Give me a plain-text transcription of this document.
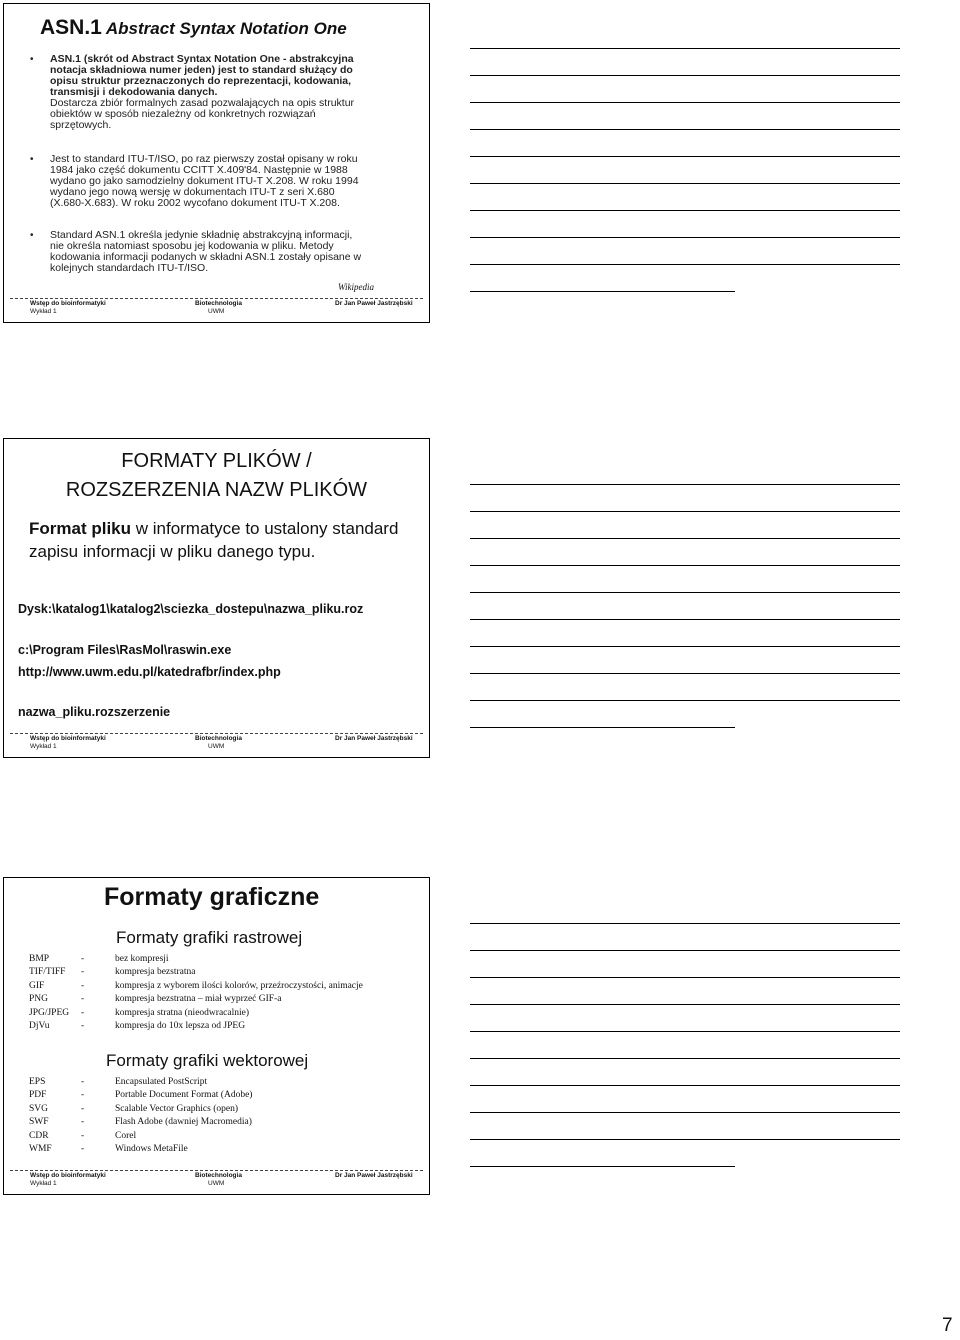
ASN.1 Abstract Syntax Notation One
• ASN.1 (skrót od Abstract Syntax Notation One - abstrakcyjna
notacja składniowa numer jeden) jest to standard służący do
opisu struktur przeznaczonych do reprezentacji, kodowania,
transmisji i dekodowania danych.
Dostarcza zbiór formalnych zasad pozwalających na opis struktur
obiektów w sposób niezależny od konkretnych rozwiązań
sprzętowych.
• Jest to standard ITU-T/ISO, po raz pierwszy został opisany w roku
1984 jako część dokumentu CCITT X.409'84. Następnie w 1988
wydano go jako samodzielny dokument ITU-T X.208. W roku 1994
wydano jego nową wersję w dokumentach ITU-T z seri X.680
(X.680-X.683). W roku 2002 wycofano dokument ITU-T X.208.
• Standard ASN.1 określa jedynie składnię abstrakcyjną informacji,
nie określa natomiast sposobu jej kodowania w pliku. Metody
kodowania informacji podanych w składni ASN.1 zostały opisane w
kolejnych standardach ITU-T/ISO.
Wikipedia
Wstęp do bioinformatyki
Wykład 1
Biotechnologia
UWM
Dr Jan Paweł Jastrzębski
FORMATY PLIKÓW /
ROZSZERZENIA NAZW PLIKÓW
Format pliku w informatyce to ustalony standard zapisu informacji w pliku danego typu.
Dysk:\katalog1\katalog2\sciezka_dostepu\nazwa_pliku.roz
c:\Program Files\RasMol\raswin.exe
http://www.uwm.edu.pl/katedrafbr/index.php
nazwa_pliku.rozszerzenie
Wstęp do bioinformatyki
Wykład 1
Biotechnologia
UWM
Dr Jan Paweł Jastrzębski
Formaty graficzne
Formaty grafiki rastrowej
BMP	-	bez kompresji
TIF/TIFF -	kompresja bezstratna
GIF	-	kompresja z wyborem ilości kolorów, przeźroczystości, animacje
PNG	-	kompresja bezstratna – miał wyprzeć GIF-a
JPG/JPEG -	kompresja stratna (nieodwracalnie)
DjVu	-	kompresja do 10x lepsza od JPEG
Formaty grafiki wektorowej
EPS	-	Encapsulated PostScript
PDF	-	Portable Document Format (Adobe)
SVG	-	Scalable Vector Graphics (open)
SWF	-	Flash Adobe (dawniej Macromedia)
CDR	-	Corel
WMF	-	Windows MetaFile
Wstęp do bioinformatyki
Wykład 1
Biotechnologia
UWM
Dr Jan Paweł Jastrzębski
7
